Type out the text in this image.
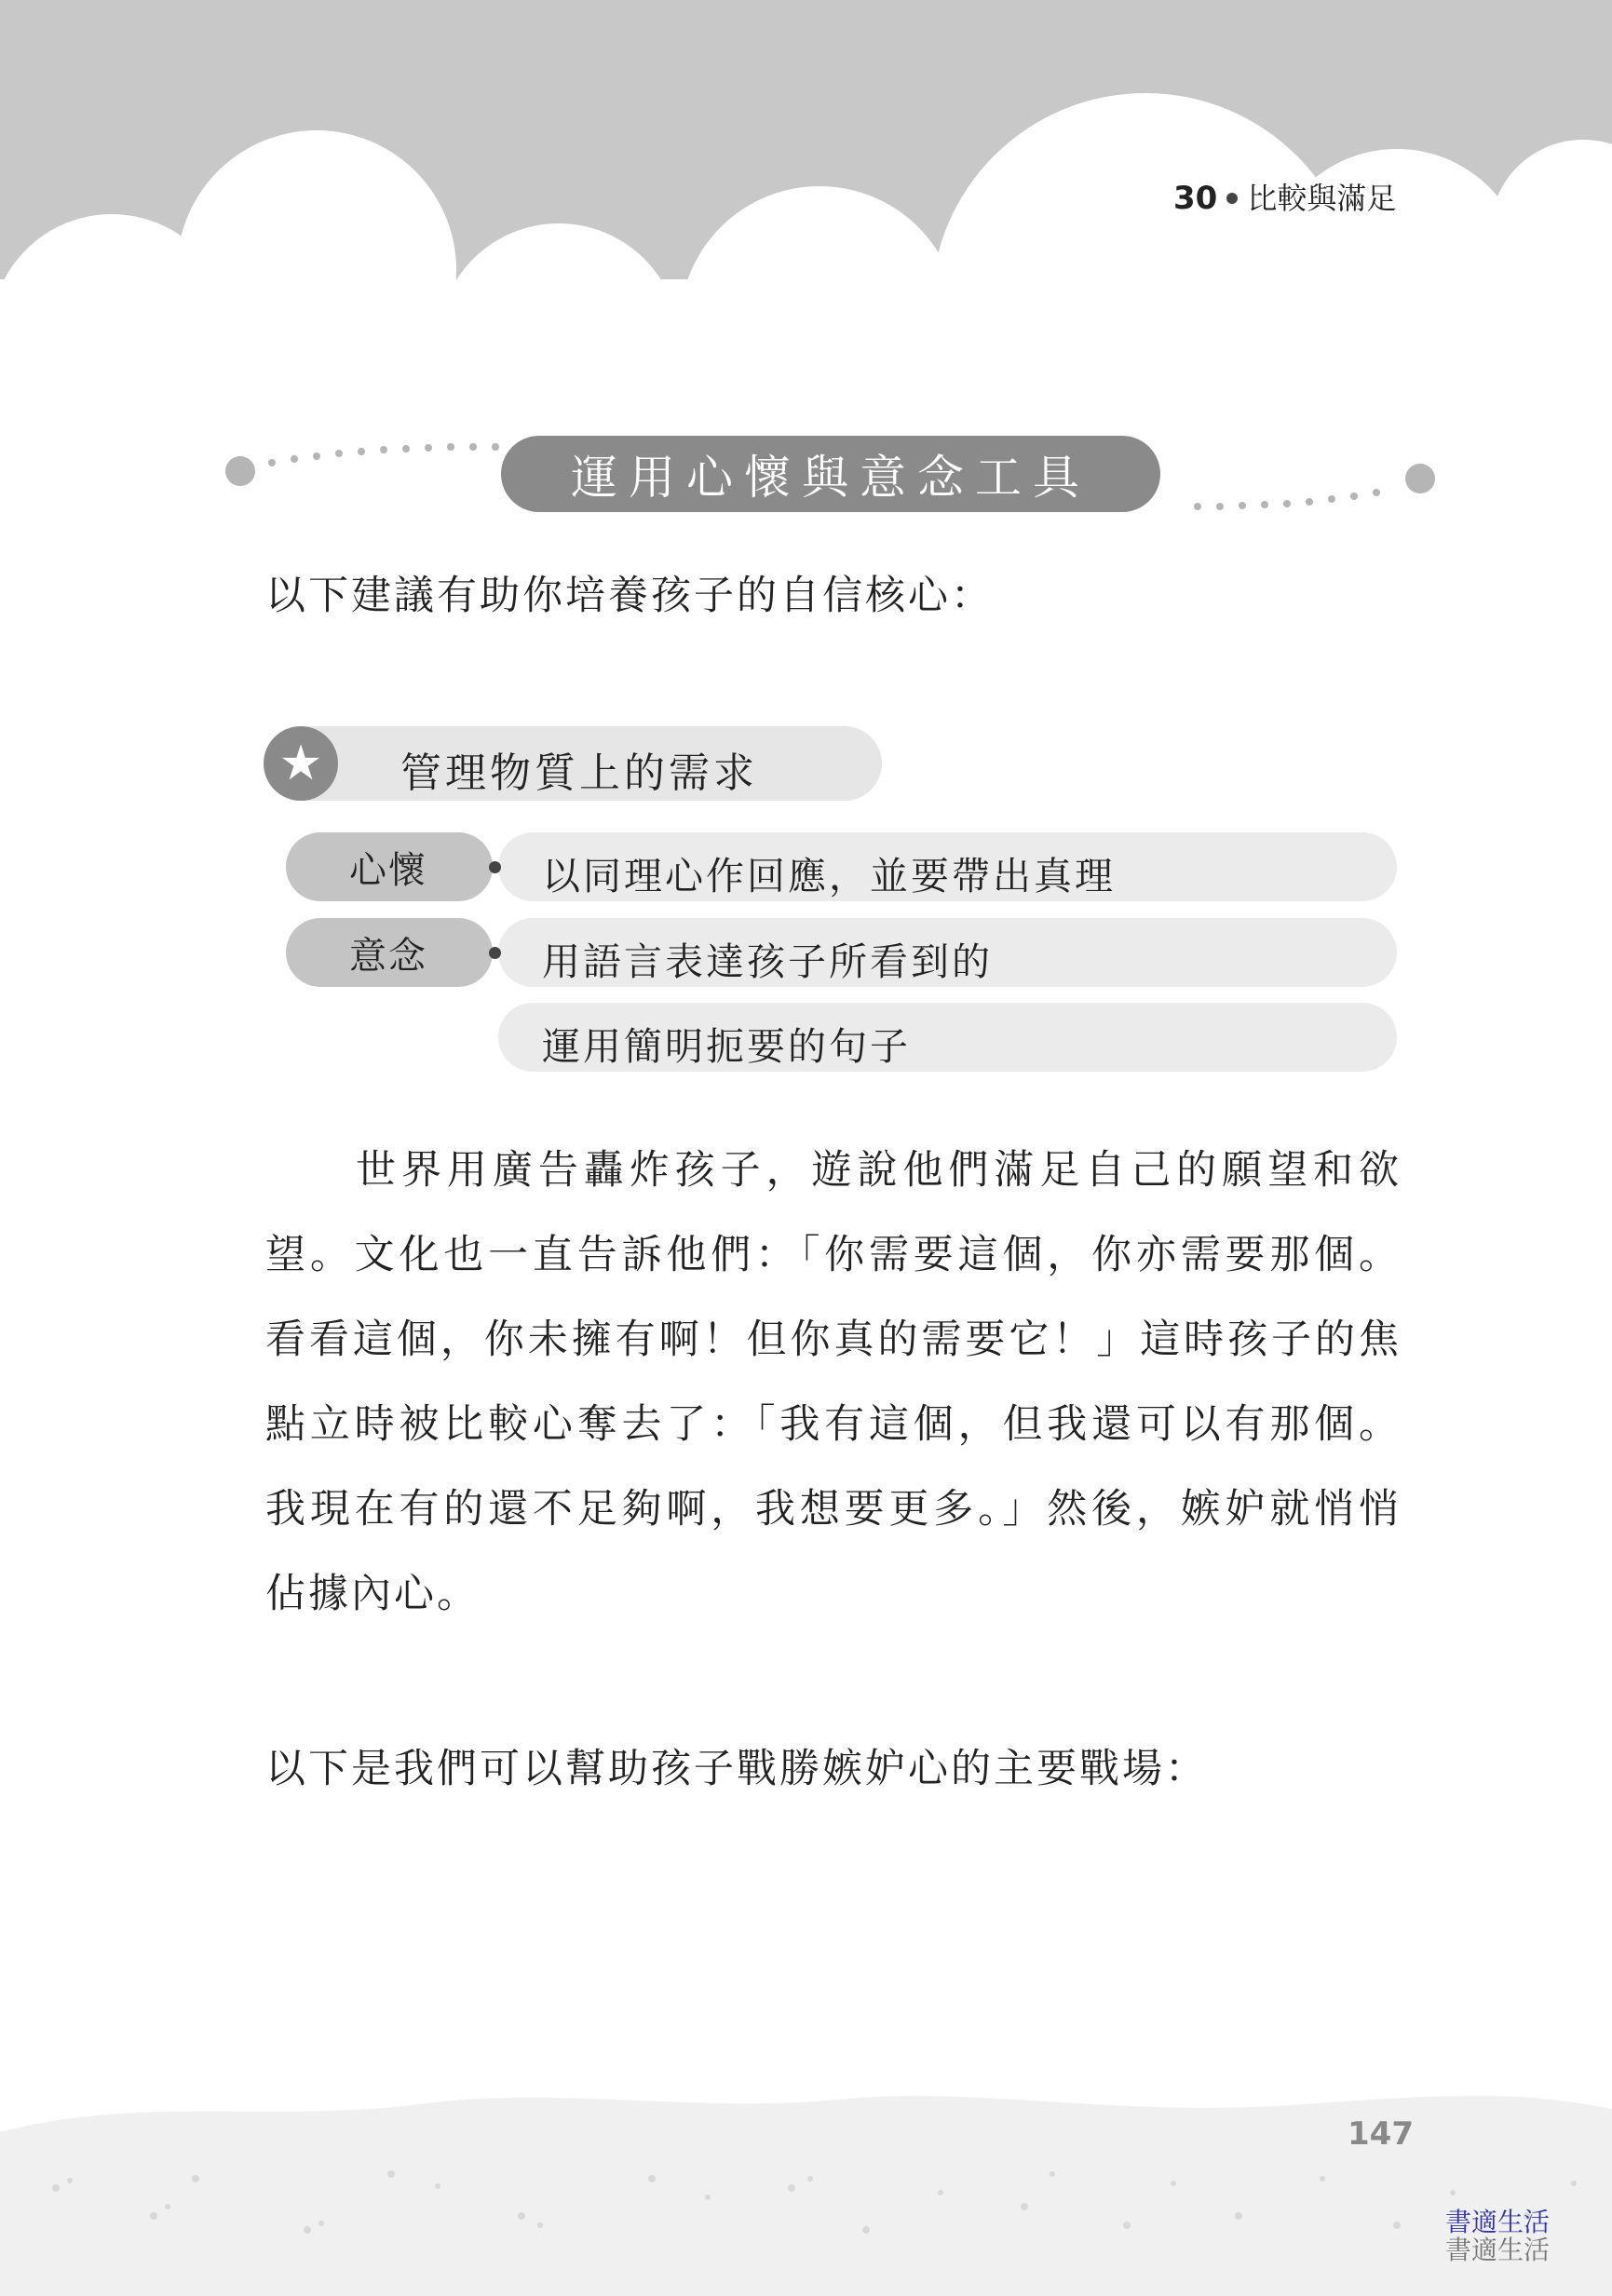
30 比較與滿足
運用心懷與意念工具
以下建議有助你培養孩子的自信核心：
★	管理物質上的需求
心懷	以同理心作回應，並要帶出真理
意念	用語言表達孩子所看到的
運用簡明扼要的句子
世界用廣告轟炸孩子，遊說他們滿足自己的願望和欲望。文化也一直告訴他們：「你需要這個，你亦需要那個。看看這個，你未擁有啊！但你真的需要它！」這時孩子的焦點立時被比較心奪去了：「我有這個，但我還可以有那個。我現在有的還不足夠啊，我想要更多。」然後，嫉妒就悄悄佔據內心。
以下是我們可以幫助孩子戰勝嫉妒心的主要戰場：
147
書適生活
書適生活
